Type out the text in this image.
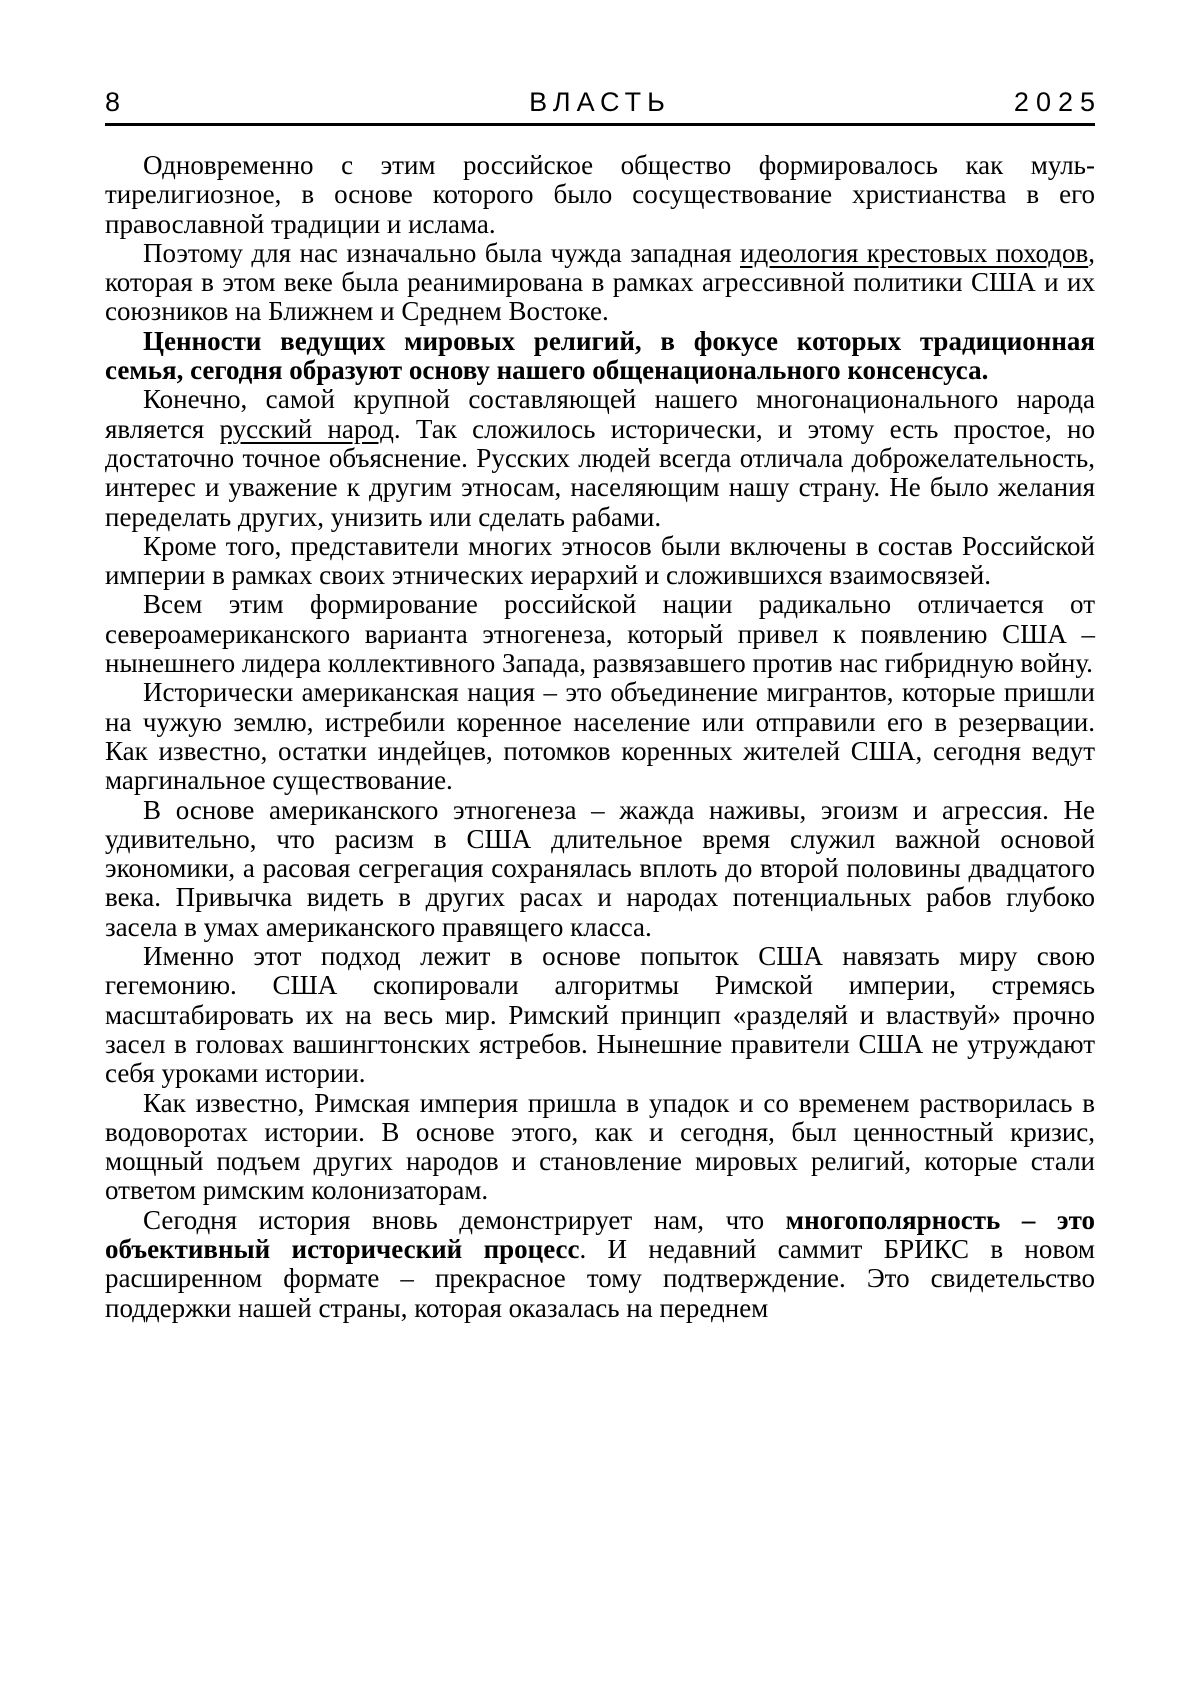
8	ВЛАСТЬ	2025

Одновременно с этим российское общество формировалось как мультирелигиозное, в основе которого было сосуществование христианства в его православной традиции и ислама.

Поэтому для нас изначально была чужда западная идеология крестовых походов, которая в этом веке была реанимирована в рамках агрессивной политики США и их союзников на Ближнем и Среднем Востоке.

Ценности ведущих мировых религий, в фокусе которых традиционная семья, сегодня образуют основу нашего общенационального консенсуса.

Конечно, самой крупной составляющей нашего многонационального народа является русский народ. Так сложилось исторически, и этому есть простое, но достаточно точное объяснение. Русских людей всегда отличала доброжелательность, интерес и уважение к другим этносам, населяющим нашу страну. Не было желания переделать других, унизить или сделать рабами.

Кроме того, представители многих этносов были включены в состав Российской империи в рамках своих этнических иерархий и сложившихся взаимосвязей.

Всем этим формирование российской нации радикально отличается от североамериканского варианта этногенеза, который привел к появлению США – нынешнего лидера коллективного Запада, развязавшего против нас гибридную войну.

Исторически американская нация – это объединение мигрантов, которые пришли на чужую землю, истребили коренное население или отправили его в резервации. Как известно, остатки индейцев, потомков коренных жителей США, сегодня ведут маргинальное существование.

В основе американского этногенеза – жажда наживы, эгоизм и агрессия. Не удивительно, что расизм в США длительное время служил важной основой экономики, а расовая сегрегация сохранялась вплоть до второй половины двадцатого века. Привычка видеть в других расах и народах потенциальных рабов глубоко засела в умах американского правящего класса.

Именно этот подход лежит в основе попыток США навязать миру свою гегемонию. США скопировали алгоритмы Римской империи, стремясь масштабировать их на весь мир. Римский принцип «разделяй и властвуй» прочно засел в головах вашингтонских ястребов. Нынешние правители США не утруждают себя уроками истории.

Как известно, Римская империя пришла в упадок и со временем растворилась в водоворотах истории. В основе этого, как и сегодня, был ценностный кризис, мощный подъем других народов и становление мировых религий, которые стали ответом римским колонизаторам.

Сегодня история вновь демонстрирует нам, что многополярность – это объективный исторический процесс. И недавний саммит БРИКС в новом расширенном формате – прекрасное тому подтверждение. Это свидетельство поддержки нашей страны, которая оказалась на переднем
